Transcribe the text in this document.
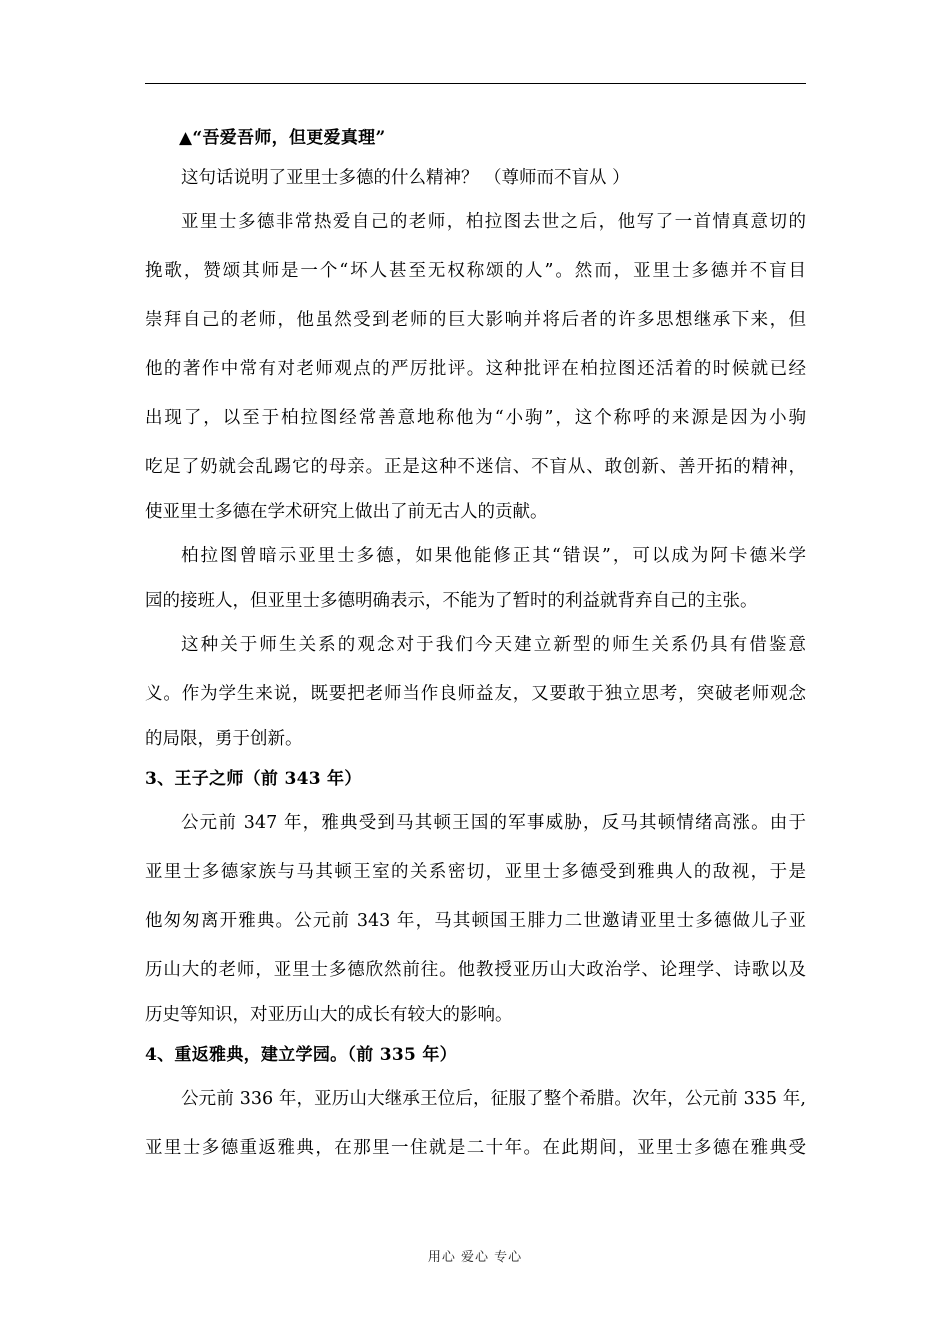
▲“吾爱吾师，但更爱真理”
这句话说明了亚里士多德的什么精神？ （尊师而不盲从 ）
亚里士多德非常热爱自己的老师，柏拉图去世之后，他写了一首情真意切的
挽歌，赞颂其师是一个“坏人甚至无权称颂的人”。然而，亚里士多德并不盲目
崇拜自己的老师，他虽然受到老师的巨大影响并将后者的许多思想继承下来，但
他的著作中常有对老师观点的严厉批评。这种批评在柏拉图还活着的时候就已经
出现了，以至于柏拉图经常善意地称他为“小驹”，这个称呼的来源是因为小驹
吃足了奶就会乱踢它的母亲。正是这种不迷信、不盲从、敢创新、善开拓的精神，
使亚里士多德在学术研究上做出了前无古人的贡献。
柏拉图曾暗示亚里士多德，如果他能修正其“错误”，可以成为阿卡德米学
园的接班人，但亚里士多德明确表示，不能为了暂时的利益就背弃自己的主张。
这种关于师生关系的观念对于我们今天建立新型的师生关系仍具有借鉴意
义。作为学生来说，既要把老师当作良师益友，又要敢于独立思考，突破老师观念
的局限，勇于创新。
3、王子之师（前 343 年）
公元前 347 年，雅典受到马其顿王国的军事威胁，反马其顿情绪高涨。由于
亚里士多德家族与马其顿王室的关系密切，亚里士多德受到雅典人的敌视，于是
他匆匆离开雅典。公元前 343 年，马其顿国王腓力二世邀请亚里士多德做儿子亚
历山大的老师，亚里士多德欣然前往。他教授亚历山大政治学、论理学、诗歌以及
历史等知识，对亚历山大的成长有较大的影响。
4、重返雅典，建立学园。（前 335 年）
公元前 336 年，亚历山大继承王位后，征服了整个希腊。次年，公元前 335 年,
亚里士多德重返雅典，在那里一住就是二十年。在此期间，亚里士多德在雅典受
用心 爱心 专心
